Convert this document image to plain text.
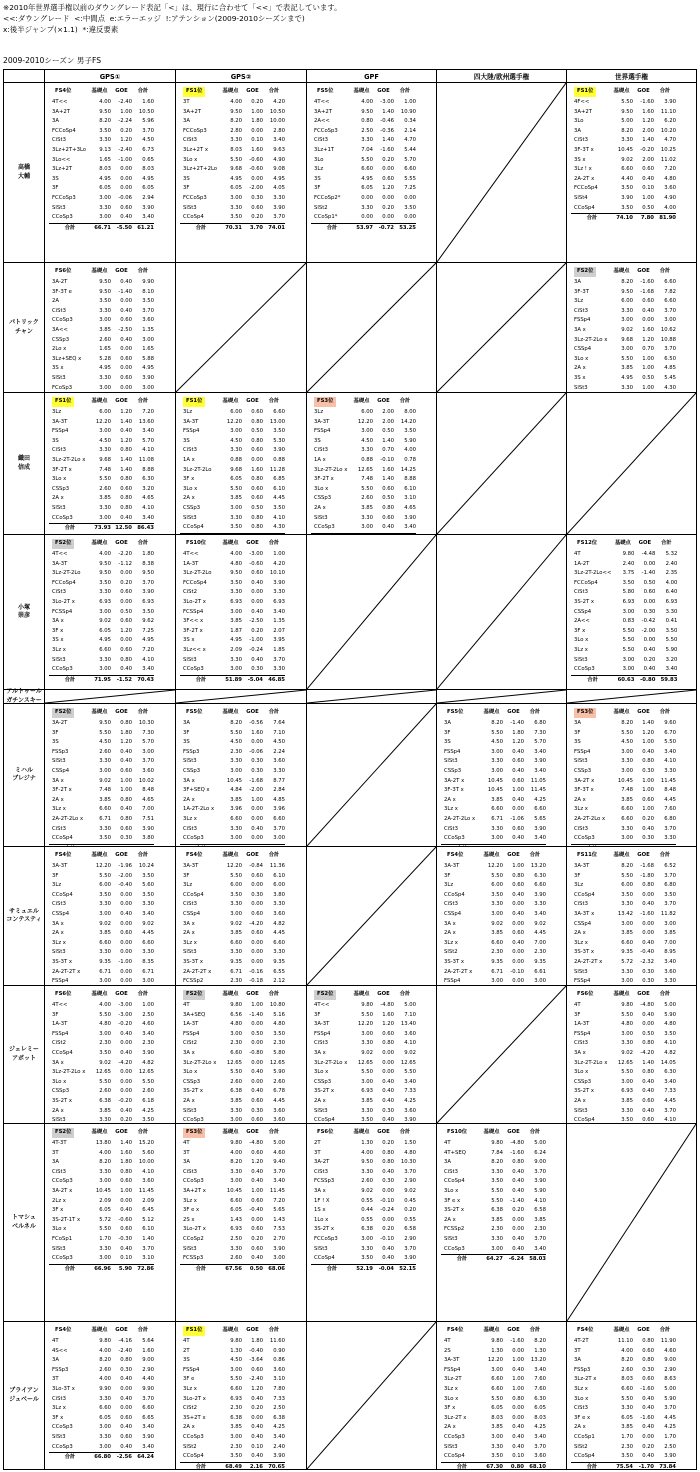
※2010年世界選手権以前のダウングレード表記「<」は、現行に合わせて「<<」で表記しています。
<<:ダウングレード  <:中間点  e:エラーエッジ  !:アテンション(2009-2010シーズンまで)
x:後半ジャンプ(×1.1)  *:違反要素
2009-2010シーズン 男子FS
GPS①	GPS②	GPF	四大陸/欧州選手権	世界選手権
高橋
大輔
FS4位	基礎点	GOE	合計
4T<<	4.00	-2.40	1.60
3A+2T	9.50	1.00	10.50
3A	8.20	-2.24	5.96
FCCoSp4	3.50	0.20	3.70
CiSt3	3.30	1.20	4.50
3Lz+2T+3Lo	9.13	-2.40	6.73
3Lo<<	1.65	-1.00	0.65
3Lz+2T	8.03	0.00	8.03
3S	4.95	0.00	4.95
3F	6.05	0.00	6.05
FCCoSp3	3.00	-0.06	2.94
SlSt3	3.30	0.60	3.90
CCoSp3	3.00	0.40	3.40
合計	66.71	-5.50	61.21
FS1位	基礎点	GOE	合計
3T	4.00	0.20	4.20
3A+2T	9.50	1.00	10.50
3A	8.20	1.80	10.00
FCCoSp3	2.80	0.00	2.80
CiSt3	3.30	0.10	3.40
3Lz+2T x	8.03	1.60	9.63
3Lo x	5.50	-0.60	4.90
3Lz+2T+2Lo	9.68	-0.60	9.08
3S	4.95	0.00	4.95
3F	6.05	-2.00	4.05
FCCoSp3	3.00	0.30	3.30
SlSt3	3.30	0.60	3.90
CCoSp4	3.50	0.20	3.70
合計	70.31	3.70	74.01
FS5位	基礎点	GOE	合計
4T<<	4.00	-3.00	1.00
3A+2T	9.50	1.40	10.90
2A<<	0.80	-0.46	0.34
FCCoSp3	2.50	-0.36	2.14
CiSt3	3.30	1.40	4.70
3Lz+1T	7.04	-1.60	5.44
3Lo	5.50	0.20	5.70
3Lz	6.60	0.00	6.60
3S	4.95	0.60	5.55
3F	6.05	1.20	7.25
FCCoSp2*	0.00	0.00	0.00
SlSt2	3.30	0.20	3.50
CCoSp1*	0.00	0.00	0.00
合計	53.97	-0.72	53.25
FS1位	基礎点	GOE	合計
4F<<	5.50	-1.60	3.90
3A+2T	9.50	1.60	11.10
3Lo	5.00	1.20	6.20
3A	8.20	2.00	10.20
CiSt3	3.30	1.40	4.70
3F-3T x	10.45	-0.20	10.25
3S x	9.02	2.00	11.02
3Lz ! x	6.60	0.60	7.20
2A-2T x	4.40	0.40	4.80
FCCoSp4	3.50	0.10	3.60
SlSt4	3.90	1.00	4.90
CCoSp4	3.50	0.50	4.00
合計	74.10	7.80	81.90
パトリック
チャン
FS6位	基礎点	GOE	合計
3A-2T	9.50	0.40	9.90
3F-3T e	9.50	-1.40	8.10
2A	3.50	0.00	3.50
CiSt3	3.30	0.40	3.70
CCoSp3	3.00	0.60	3.60
3A<<	3.85	-2.50	1.35
CSSp3	2.60	0.40	3.00
2Lo x	1.65	0.00	1.65
3Lz+SEQ x	5.28	0.60	5.88
3S x	4.95	0.00	4.95
SlSt3	3.30	0.60	3.90
FCoSp3	3.00	0.00	3.00

FS2位	基礎点	GOE	合計
3A	8.20	-1.60	6.60
3F-3T	9.50	-1.68	7.82
3Lz	6.00	0.60	6.60
CiSt3	3.30	0.40	3.70
FSSp4	3.00	0.00	3.00
3A x	9.02	1.60	10.62
3Lz-2T-2Lo x	9.68	1.20	10.88
CSSp4	3.00	0.70	3.70
3Lo x	5.50	1.00	6.50
2A x	3.85	1.00	4.85
3S x	4.95	0.50	5.45
SlSt3	3.30	1.00	4.30

織田
信成
FS1位	基礎点	GOE	合計
3Lz	6.00	1.20	7.20
3A-3T	12.20	1.40	13.60
FSSp4	3.00	0.40	3.40
3S	4.50	1.20	5.70
CiSt3	3.30	0.80	4.10
3Lz-2T-2Lo x	9.68	1.40	11.08
3F-2T x	7.48	1.40	8.88
3Lo x	5.50	0.80	6.30
CSSp3	2.60	0.60	3.20
2A x	3.85	0.80	4.65
SlSt3	3.30	0.80	4.10
CCoSp3	3.00	0.40	3.40
合計	73.93	12.50	86.43
FS1位	基礎点	GOE	合計
3Lz	6.00	0.60	6.60
3A-3T	12.20	0.80	13.00
FSSp4	3.00	0.50	3.50
3S	4.50	0.80	5.30
CiSt3	3.30	0.60	3.90
1A x	0.88	0.00	0.88
3Lz-2T-2Lo	9.68	1.60	11.28
3F x	6.05	0.80	6.85
3Lo x	5.50	0.60	6.10
2A x	3.85	0.60	4.45
CSSp3	3.00	0.50	3.50
SlSt3	3.30	0.80	4.10
CCoSp4	3.50	0.80	4.30

FS3位	基礎点	GOE	合計
3Lz	6.00	2.00	8.00
3A-3T	12.20	2.00	14.20
FSSp4	3.00	0.50	3.50
3S	4.50	1.40	5.90
CiSt3	3.30	0.70	4.00
1A x	0.88	-0.10	0.78
3Lz-2T-2Lo x	12.65	1.60	14.25
3F-2T x	7.48	1.40	8.88
3Lo x	5.50	0.60	6.10
CSSp3	2.60	0.50	3.10
2A x	3.85	0.80	4.65
SlSt3	3.30	0.60	3.90
CCoSp3	3.00	0.40	3.40

小塚
崇彦
FS2位	基礎点	GOE	合計
4T<<	4.00	-2.20	1.80
3A-3T	9.50	-1.12	8.38
3Lz-2T-2Lo	9.50	0.00	9.50
FCCoSp4	3.50	0.20	3.70
CiSt3	3.30	0.60	3.90
3Lo-2T x	6.93	0.00	6.93
FCSSp4	3.00	0.50	3.50
3A x	9.02	0.60	9.62
3F x	6.05	1.20	7.25
3S x	4.95	0.00	4.95
3Lz x	6.60	0.60	7.20
SlSt3	3.30	0.80	4.10
CCoSp3	3.00	0.40	3.40
合計	71.95	-1.52	70.43
FS10位	基礎点	GOE	合計
4T<<	4.00	-3.00	1.00
1A-3T	4.80	-0.60	4.20
3Lz-2T-2Lo	9.50	0.60	10.10
FCCoSp4	3.50	0.40	3.90
CiSt2	3.30	0.00	3.30
3Lo-2T x	6.93	0.00	6.93
FCSSp4	3.00	0.40	3.40
3F<< x	3.85	-2.50	1.35
3F-2T x	1.87	0.20	2.07
3S x	4.95	-1.00	3.95
3Lz<< x	2.09	-0.24	1.85
SlSt3	3.30	0.40	3.70
CCoSp3	3.00	0.30	3.30
合計	51.89	-5.04	46.85
FS12位	基礎点	GOE	合計
4T	9.80	-4.48	5.32
1A-2T	2.40	0.00	2.40
3Lz-2T-2Lo<<	3.75	-1.40	2.35
FCCoSp4	3.50	0.50	4.00
CiSt3	5.80	0.60	6.40
3S-2T x	6.93	0.00	6.93
CSSp4	3.00	0.30	3.30
2A<<	0.83	-0.42	0.41
3F x	5.50	-2.00	3.50
3Lo x	5.50	0.00	5.50
3Lz x	5.50	0.40	5.90
SlSt3	3.00	0.20	3.20
CCoSp3	3.00	0.40	3.40
合計	60.63	-0.80	59.83
アルトゥール
ガチンスキー
ミハル
ブレジナ
FS2位	基礎点	GOE	合計
3A-2T	9.50	0.80	10.30
3F	5.50	1.80	7.30
3S	4.50	1.20	5.70
FSSp3	2.60	0.40	3.00
SlSt3	3.30	0.40	3.70
CSSp4	3.00	0.60	3.60
3A x	9.02	1.00	10.02
3F-2T x	7.48	1.00	8.48
2A x	3.85	0.80	4.65
3Lz x	6.60	0.40	7.00
2A-2T-2Lo x	6.71	0.80	7.51
CiSt3	3.30	0.60	3.90
CCoSp4	3.50	0.30	3.80

FS5位	基礎点	GOE	合計
3A	8.20	-0.56	7.64
3F	5.50	1.60	7.10
3S	4.50	0.00	4.50
FSSp3	2.30	-0.06	2.24
SlSt3	3.30	0.30	3.60
CSSp3	3.00	0.30	3.30
3A x	10.45	-1.68	8.77
3F+SEQ x	4.84	-2.00	2.84
2A x	3.85	1.00	4.85
1A-2T-2Lo x	3.96	0.00	3.96
3Lz x	6.60	0.00	6.60
CiSt3	3.30	0.40	3.70
CCoSp3	3.00	0.00	3.00

FS5位	基礎点	GOE	合計
3A	8.20	-1.40	6.80
3F	5.50	1.80	7.30
3S	4.50	1.20	5.70
FSSp4	3.00	0.40	3.40
SlSt3	3.30	0.60	3.90
CSSp3	3.00	0.40	3.40
3A-2T x	10.45	0.60	11.05
3F-3T x	10.45	1.00	11.45
2A x	3.85	0.40	4.25
3Lz x	6.60	0.00	6.60
2A-2T-2Lo x	6.71	-1.06	5.65
CiSt3	3.30	0.60	3.90
CCoSp3	3.00	0.40	3.40

FS3位	基礎点	GOE	合計
3A	8.20	1.40	9.60
3F	5.50	1.20	6.70
3S	4.50	1.00	5.50
FSSp4	3.00	0.40	3.40
SlSt3	3.30	0.80	4.10
CSSp3	3.00	0.30	3.30
3A-2T x	10.45	1.00	11.45
3F-3T x	7.48	1.00	8.48
2A x	3.85	0.60	4.45
3Lz x	6.60	1.00	7.60
2A-2T-2Lo x	6.60	0.20	6.80
CiSt3	3.30	0.40	3.70
CCoSp3	3.00	0.30	3.30

サミュエル
コンテスティ
FS4位	基礎点	GOE	合計
3A-3T	12.20	-1.96	10.24
3F	5.50	-2.00	3.50
3Lz	6.00	-0.40	5.60
CCoSp4	3.50	0.00	3.50
CiSt3	3.30	0.00	3.30
CSSp4	3.00	0.40	3.40
3A x	9.02	0.00	9.02
2A x	3.85	0.60	4.45
3Lz x	6.60	0.00	6.60
SlSt3	3.30	0.00	3.30
3S-3T x	9.35	-1.00	8.35
2A-2T-2T x	6.71	0.00	6.71
FSSp4	3.00	0.00	3.00

FS4位	基礎点	GOE	合計
3A-3T	12.20	-0.84	11.36
3F	5.50	0.60	6.10
3Lz	6.00	0.00	6.00
CCoSp4	3.50	0.30	3.80
CiSt3	3.30	0.00	3.30
CSSp4	3.00	0.60	3.60
3A x	9.02	-4.20	4.82
2A x	3.85	0.60	4.45
3Lz x	6.60	0.00	6.60
SlSt3	3.30	0.00	3.30
3S-3T x	9.35	0.00	9.35
2A-2T-2T x	6.71	-0.16	6.55
FCSSp2	2.30	-0.18	2.12

FS4位	基礎点	GOE	合計
3A-3T	12.20	1.00	13.20
3F	5.50	0.80	6.30
3Lz	6.00	0.60	6.60
CCoSp4	3.50	0.40	3.90
CiSt3	3.30	0.00	3.30
CSSp4	3.00	0.40	3.40
3A x	9.02	0.00	9.02
2A x	3.85	0.60	4.45
3Lz x	6.60	0.40	7.00
SlSt2	2.30	0.00	2.30
3S-3T x	9.35	0.00	9.35
2A-2T-2T x	6.71	-0.10	6.61
FSSp4	3.00	0.00	3.00

FS11位	基礎点	GOE	合計
3A-3T	8.20	-1.68	6.52
3F	5.50	-1.80	3.70
3Lz	6.00	0.80	6.80
CCoSp4	3.50	0.00	3.50
CiSt3	3.30	0.40	3.70
3A-3T x	13.42	-1.60	11.82
CSSp4	3.00	0.00	3.00
2A x	3.85	0.00	3.85
3Lz x	6.60	0.40	7.00
3S-3T x	9.35	-0.40	8.95
2A-2T-2T x	5.72	-2.32	3.40
SlSt3	3.30	0.30	3.60
FSSp4	3.00	0.30	3.30

ジェレミー
アボット
FS6位	基礎点	GOE	合計
4T<<	4.00	-3.00	1.00
3F	5.50	-3.00	2.50
1A-3T	4.80	-0.20	4.60
FSSp4	3.00	0.40	3.40
CiSt2	2.30	0.00	2.30
CCoSp4	3.50	0.40	3.90
3A x	9.02	-4.20	4.82
3Lz-2T-2Lo x	12.65	0.00	12.65
3Lo x	5.50	0.00	5.50
CSSp3	2.60	0.00	2.60
3S-2T x	6.38	-0.20	6.18
2A x	3.85	0.40	4.25
SlSt3	3.30	0.20	3.50

FS2位	基礎点	GOE	合計
4T	9.80	1.00	10.80
3A+SEQ	6.56	-1.40	5.16
1A-3T	4.80	0.00	4.80
FSSp4	3.00	0.50	3.50
CiSt2	2.30	0.00	2.30
3A x	6.60	-0.80	5.80
3Lz-2T-2Lo x	12.65	0.00	12.65
3Lo x	5.50	0.40	5.90
CSSp3	2.60	0.00	2.60
3S-2T x	6.38	0.40	6.78
2A x	3.85	0.60	4.45
SlSt3	3.30	0.30	3.60
CCoSp3	3.00	0.60	3.60

FS2位	基礎点	GOE	合計
4T<<	9.80	-4.80	5.00
3F	5.50	1.60	7.10
3A-3T	12.20	1.20	13.40
FSSp4	3.00	0.60	3.60
CiSt3	3.30	0.80	4.10
3A x	9.02	0.00	9.02
3Lz-2T-2Lo x	12.65	0.00	12.65
3Lo x	5.50	0.00	5.50
CSSp3	3.00	0.40	3.40
3S-2T x	6.93	0.40	7.33
2A x	3.85	0.40	4.25
SlSt3	3.30	0.30	3.60
CCoSp4	3.50	0.40	3.90

FS6位	基礎点	GOE	合計
4T	9.80	-4.80	5.00
3F	5.50	0.40	5.90
1A-3T	4.80	0.00	4.80
FSSp4	3.00	0.50	3.50
CiSt3	3.30	0.80	4.10
3A x	9.02	-4.20	4.82
3Lz-2T-2Lo x	12.65	1.40	14.05
3Lo x	5.50	0.80	6.30
CSSp3	3.00	0.40	3.40
3S-2T x	6.93	0.40	7.33
2A x	3.85	0.60	4.45
SlSt3	3.30	0.40	3.70
CCoSp4	3.50	0.60	4.10

トマシュ
ベルネル
FS2位	基礎点	GOE	合計
4T-3T	13.80	1.40	15.20
3T	4.00	1.60	5.60
3A	8.20	1.80	10.00
CiSt3	3.30	0.80	4.10
CCoSp3	3.00	0.60	3.60
3A-2T x	10.45	1.00	11.45
2Lz x	2.09	0.00	2.09
3F x	6.05	0.40	6.45
3S-2T-1T x	5.72	-0.60	5.12
3Lo x	5.50	0.60	6.10
FCoSp1	1.70	-0.30	1.40
SlSt3	3.30	0.40	3.70
CCoSp3	3.00	0.10	3.10
合計	66.96	5.90	72.86
FS3位	基礎点	GOE	合計
4T	9.80	-4.80	5.00
3T	4.00	0.60	4.60
3A	8.20	1.20	9.40
CiSt3	3.30	0.40	3.70
CCoSp3	3.00	0.40	3.40
3A+2T x	10.45	1.00	11.45
3Lz x	6.60	0.60	7.20
3F e x	6.05	-0.40	5.65
2S x	1.43	0.00	1.43
3Lo-2T x	6.93	0.60	7.53
CCoSp2	2.50	0.20	2.70
SlSt3	3.30	0.60	3.90
FCSSp3	2.60	0.40	3.00
合計	67.56	0.50	68.06
FS6位	基礎点	GOE	合計
2T	1.30	0.20	1.50
3T	4.00	0.80	4.80
3A-2T	9.50	0.80	10.30
CiSt3	3.30	0.40	3.70
FCSSp3	2.60	0.30	2.90
3A x	9.02	0.00	9.02
1F ! X	0.55	-0.10	0.45
1S x	0.44	-0.24	0.20
1Lo x	0.55	0.00	0.55
3S-2T x	6.38	0.20	6.58
FCCoSp3	3.00	-0.10	2.90
SlSt3	3.30	0.40	3.70
CCoSp4	3.50	0.40	3.90
合計	52.19	-0.04	52.15
FS10位	基礎点	GOE	合計
4T	9.80	-4.80	5.00
4T+SEQ	7.84	-1.60	6.24
3A	8.20	0.80	9.00
CiSt3	3.30	0.40	3.70
CCoSp4	3.50	0.40	3.90
3Lo x	5.50	0.40	5.90
3F e x	5.50	-1.40	4.10
3S-2T x	6.38	0.20	6.58
2A x	3.85	0.00	3.85
FCSSp2	2.30	0.00	2.30
SlSt3	3.30	0.40	3.70
CCoSp3	3.00	0.40	3.40
合計	64.27	-6.24	58.03
ブライアン
ジュベール
FS4位	基礎点	GOE	合計
4T	9.80	-4.16	5.64
4S<<	4.00	-2.40	1.60
3A	8.20	0.80	9.00
FSSp3	2.60	0.30	2.90
3T	4.00	0.40	4.40
3Lo-3T x	9.90	0.00	9.90
CiSt3	3.30	0.40	3.70
3Lz x	6.60	0.00	6.60
3F x	6.05	0.60	6.65
CCoSp3	3.00	0.40	3.40
SlSt3	3.30	0.60	3.90
CCoSp3	3.00	0.40	3.40
合計	66.80	-2.56	64.24
FS1位	基礎点	GOE	合計
4T	9.80	1.80	11.60
2T	1.30	-0.40	0.90
3S	4.50	-3.64	0.86
FSSp4	3.00	0.60	3.60
3F e	5.50	-2.40	3.10
3Lz x	6.60	1.20	7.80
3Lo-2T x	6.93	0.40	7.33
CiSt2	2.30	0.20	2.50
3S+2T x	6.38	0.00	6.38
2A x	3.85	0.40	4.25
CCoSp3	3.00	0.40	3.40
SlSt2	2.30	0.10	2.40
CCoSp4	3.50	0.40	3.90
合計	68.49	2.16	70.65
FS4位	基礎点	GOE	合計
4T	9.80	-1.60	8.20
2S	1.30	0.00	1.30
3A-3T	12.20	1.00	13.20
FSSp4	3.00	0.40	3.40
3Lz-2T	6.60	1.00	7.60
3Lz x	6.60	1.00	7.60
3Lo x	5.50	0.80	6.30
3F x	6.05	0.00	6.05
3Lz-2T x	8.03	0.00	8.03
2A x	3.85	0.40	4.25
CCoSp3	3.00	0.40	3.40
SlSt3	3.30	0.40	3.70
CCoSp4	3.50	0.10	3.60
合計	67.30	0.80	68.10
FS4位	基礎点	GOE	合計
4T-2T	11.10	0.80	11.90
3T	4.00	0.60	4.60
3A	8.20	0.80	9.00
FSSp3	2.60	0.30	2.90
3Lz-2T x	8.03	0.60	8.63
3Lz x	6.60	-1.60	5.00
3Lo x	5.50	0.40	5.90
CiSt3	3.30	0.40	3.70
3F e x	6.05	-1.60	4.45
2A x	3.85	0.40	4.25
CCoSp1	1.70	0.00	1.70
SlSt2	2.30	0.20	2.50
CCoSp4	3.50	0.40	3.90
合計	75.54	-1.70	73.84
